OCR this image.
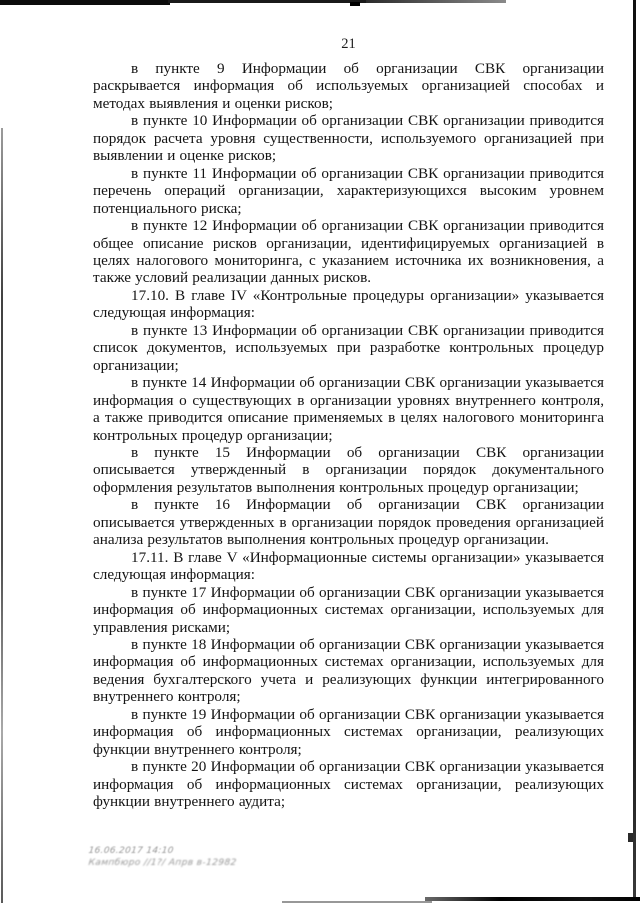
21

в пункте 9 Информации об организации СВК организации раскрывается информация об используемых организацией способах и методах выявления и оценки рисков;

в пункте 10 Информации об организации СВК организации приводится порядок расчета уровня существенности, используемого организацией при выявлении и оценке рисков;

в пункте 11 Информации об организации СВК организации приводится перечень операций организации, характеризующихся высоким уровнем потенциального риска;

в пункте 12 Информации об организации СВК организации приводится общее описание рисков организации, идентифицируемых организацией в целях налогового мониторинга, с указанием источника их возникновения, а также условий реализации данных рисков.

17.10. В главе IV «Контрольные процедуры организации» указывается следующая информация:

в пункте 13 Информации об организации СВК организации приводится список документов, используемых при разработке контрольных процедур организации;

в пункте 14 Информации об организации СВК организации указывается информация о существующих в организации уровнях внутреннего контроля, а также приводится описание применяемых в целях налогового мониторинга контрольных процедур организации;

в пункте 15 Информации об организации СВК организации описывается утвержденный в организации порядок документального оформления результатов выполнения контрольных процедур организации;

в пункте 16 Информации об организации СВК организации описывается утвержденных в организации порядок проведения организацией анализа результатов выполнения контрольных процедур организации.

17.11. В главе V «Информационные системы организации» указывается следующая информация:

в пункте 17 Информации об организации СВК организации указывается информация об информационных системах организации, используемых для управления рисками;

в пункте 18 Информации об организации СВК организации указывается информация об информационных системах организации, используемых для ведения бухгалтерского учета и реализующих функции интегрированного внутреннего контроля;

в пункте 19 Информации об организации СВК организации указывается информация об информационных системах организации, реализующих функции внутреннего контроля;

в пункте 20 Информации об организации СВК организации указывается информация об информационных системах организации, реализующих функции внутреннего аудита;

16.06.2017 14:10
Кампбюро //1?/ Апрв в-12982
